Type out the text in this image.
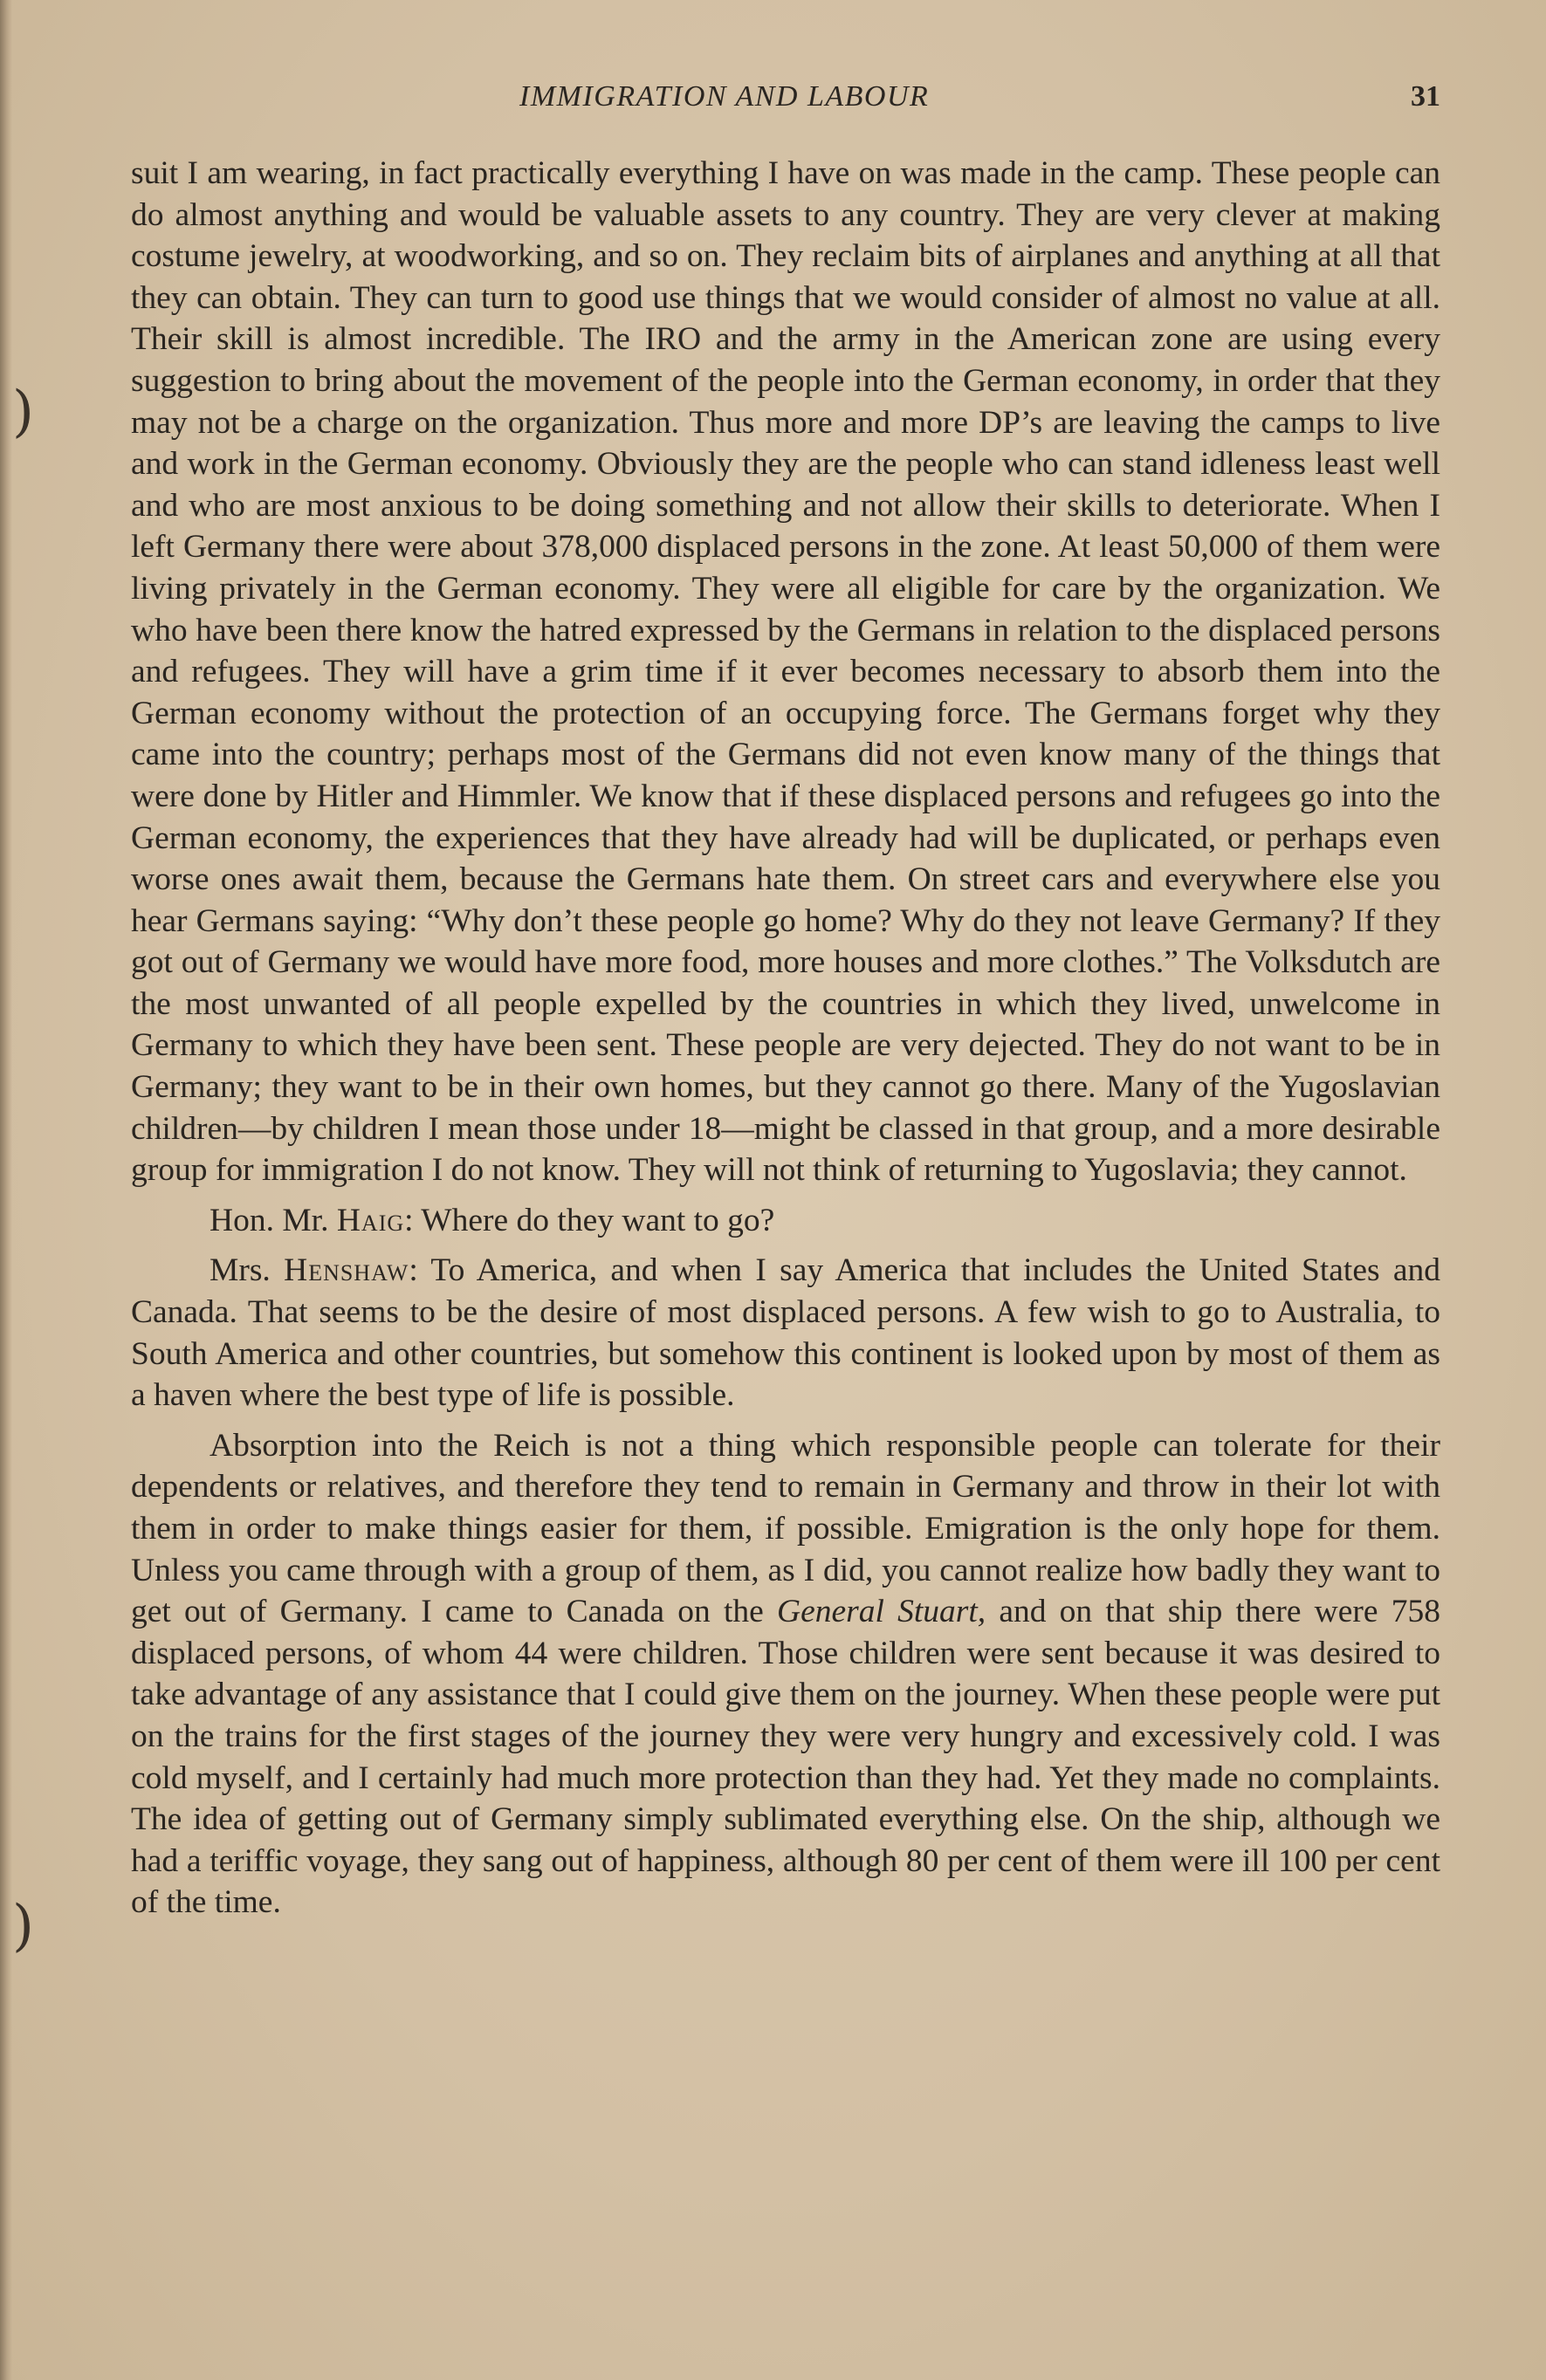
)
)
IMMIGRATION AND LABOUR	31

suit I am wearing, in fact practically everything I have on was made in the camp. These people can do almost anything and would be valuable assets to any country. They are very clever at making costume jewelry, at woodworking, and so on. They reclaim bits of airplanes and anything at all that they can obtain. They can turn to good use things that we would consider of almost no value at all. Their skill is almost incredible. The IRO and the army in the American zone are using every suggestion to bring about the movement of the people into the German economy, in order that they may not be a charge on the organization. Thus more and more DP’s are leaving the camps to live and work in the German economy. Obviously they are the people who can stand idleness least well and who are most anxious to be doing something and not allow their skills to deteriorate. When I left Germany there were about 378,000 displaced persons in the zone. At least 50,000 of them were living privately in the German economy. They were all eligible for care by the organization. We who have been there know the hatred expressed by the Germans in relation to the displaced persons and refugees. They will have a grim time if it ever becomes necessary to absorb them into the German economy without the protection of an occupying force. The Germans forget why they came into the country; perhaps most of the Germans did not even know many of the things that were done by Hitler and Himmler. We know that if these displaced persons and refugees go into the German economy, the experiences that they have already had will be duplicated, or perhaps even worse ones await them, because the Germans hate them. On street cars and everywhere else you hear Germans saying: “Why don’t these people go home? Why do they not leave Germany? If they got out of Germany we would have more food, more houses and more clothes.” The Volksdutch are the most unwanted of all people expelled by the countries in which they lived, unwelcome in Germany to which they have been sent. These people are very dejected. They do not want to be in Germany; they want to be in their own homes, but they cannot go there. Many of the Yugoslavian children—by children I mean those under 18—might be classed in that group, and a more desirable group for immigration I do not know. They will not think of returning to Yugoslavia; they cannot.

Hon. Mr. Haig: Where do they want to go?

Mrs. Henshaw: To America, and when I say America that includes the United States and Canada. That seems to be the desire of most displaced persons. A few wish to go to Australia, to South America and other countries, but somehow this continent is looked upon by most of them as a haven where the best type of life is possible.

Absorption into the Reich is not a thing which responsible people can tolerate for their dependents or relatives, and therefore they tend to remain in Germany and throw in their lot with them in order to make things easier for them, if possible. Emigration is the only hope for them. Unless you came through with a group of them, as I did, you cannot realize how badly they want to get out of Germany. I came to Canada on the General Stuart, and on that ship there were 758 displaced persons, of whom 44 were children. Those children were sent because it was desired to take advantage of any assistance that I could give them on the journey. When these people were put on the trains for the first stages of the journey they were very hungry and excessively cold. I was cold myself, and I certainly had much more protection than they had. Yet they made no complaints. The idea of getting out of Germany simply sublimated everything else. On the ship, although we had a teriffic voyage, they sang out of happiness, although 80 per cent of them were ill 100 per cent of the time.
